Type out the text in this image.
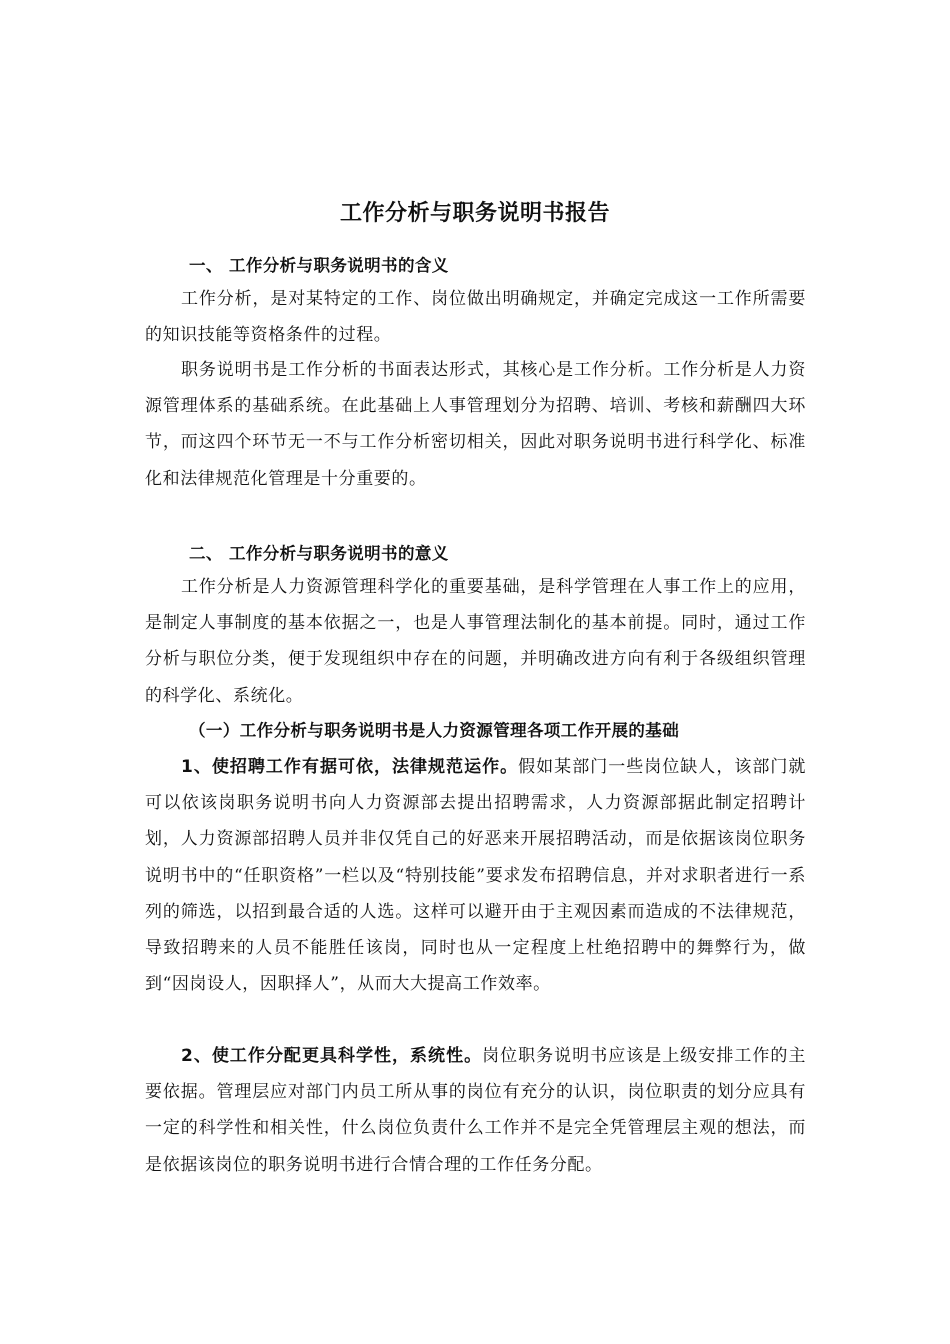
工作分析与职务说明书报告
一、 工作分析与职务说明书的含义

工作分析，是对某特定的工作、岗位做出明确规定，并确定完成这一工作所需要的知识技能等资格条件的过程。

职务说明书是工作分析的书面表达形式，其核心是工作分析。工作分析是人力资源管理体系的基础系统。在此基础上人事管理划分为招聘、培训、考核和薪酬四大环节，而这四个环节无一不与工作分析密切相关，因此对职务说明书进行科学化、标准化和法律规范化管理是十分重要的。

二、 工作分析与职务说明书的意义

工作分析是人力资源管理科学化的重要基础，是科学管理在人事工作上的应用，是制定人事制度的基本依据之一，也是人事管理法制化的基本前提。同时，通过工作分析与职位分类，便于发现组织中存在的问题，并明确改进方向有利于各级组织管理的科学化、系统化。

（一）工作分析与职务说明书是人力资源管理各项工作开展的基础

1、使招聘工作有据可依，法律规范运作。假如某部门一些岗位缺人，该部门就可以依该岗职务说明书向人力资源部去提出招聘需求，人力资源部据此制定招聘计划，人力资源部招聘人员并非仅凭自己的好恶来开展招聘活动，而是依据该岗位职务说明书中的“任职资格”一栏以及“特别技能”要求发布招聘信息，并对求职者进行一系列的筛选，以招到最合适的人选。这样可以避开由于主观因素而造成的不法律规范，导致招聘来的人员不能胜任该岗，同时也从一定程度上杜绝招聘中的舞弊行为，做到“因岗设人，因职择人”，从而大大提高工作效率。

2、使工作分配更具科学性，系统性。岗位职务说明书应该是上级安排工作的主要依据。管理层应对部门内员工所从事的岗位有充分的认识，岗位职责的划分应具有一定的科学性和相关性，什么岗位负责什么工作并不是完全凭管理层主观的想法，而是依据该岗位的职务说明书进行合情合理的工作任务分配。
